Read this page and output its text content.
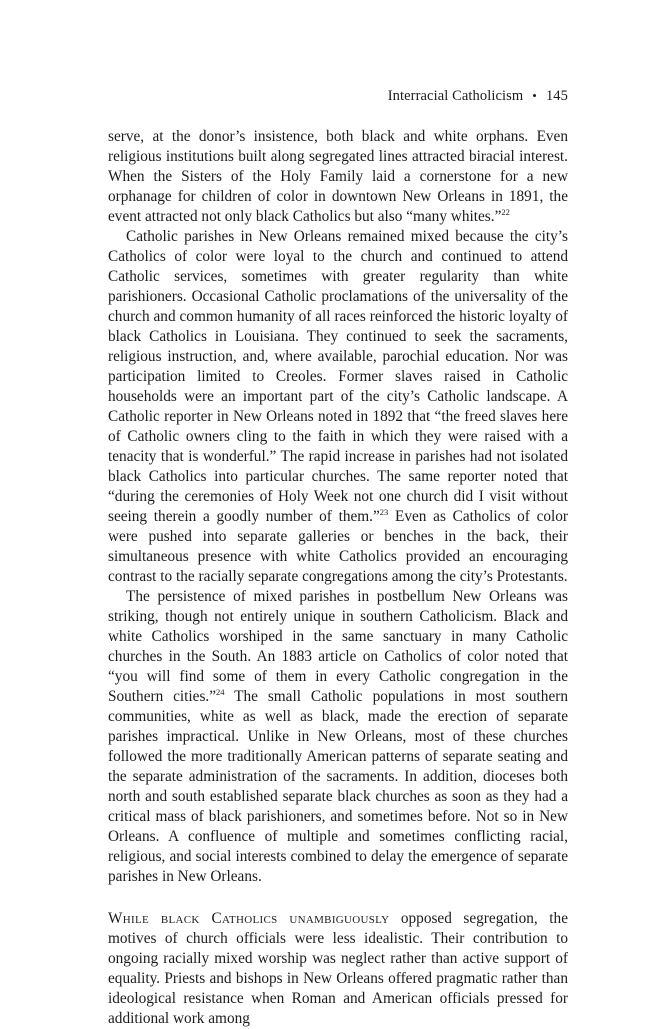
Interracial Catholicism • 145

serve, at the donor’s insistence, both black and white orphans. Even religious institutions built along segregated lines attracted biracial interest. When the Sisters of the Holy Family laid a cornerstone for a new orphanage for children of color in downtown New Orleans in 1891, the event attracted not only black Catholics but also “many whites.”$^{22}$

Catholic parishes in New Orleans remained mixed because the city’s Catholics of color were loyal to the church and continued to attend Catholic services, sometimes with greater regularity than white parishioners. Occasional Catholic proclamations of the universality of the church and common humanity of all races reinforced the historic loyalty of black Catholics in Louisiana. They continued to seek the sacraments, religious instruction, and, where available, parochial education. Nor was participation limited to Creoles. Former slaves raised in Catholic households were an important part of the city’s Catholic landscape. A Catholic reporter in New Orleans noted in 1892 that “the freed slaves here of Catholic owners cling to the faith in which they were raised with a tenacity that is wonderful.” The rapid increase in parishes had not isolated black Catholics into particular churches. The same reporter noted that “during the ceremonies of Holy Week not one church did I visit without seeing therein a goodly number of them.”$^{23}$ Even as Catholics of color were pushed into separate galleries or benches in the back, their simultaneous presence with white Catholics provided an encouraging contrast to the racially separate congregations among the city’s Protestants.

The persistence of mixed parishes in postbellum New Orleans was striking, though not entirely unique in southern Catholicism. Black and white Catholics worshiped in the same sanctuary in many Catholic churches in the South. An 1883 article on Catholics of color noted that “you will find some of them in every Catholic congregation in the Southern cities.”$^{24}$ The small Catholic populations in most southern communities, white as well as black, made the erection of separate parishes impractical. Unlike in New Orleans, most of these churches followed the more traditionally American patterns of separate seating and the separate administration of the sacraments. In addition, dioceses both north and south established separate black churches as soon as they had a critical mass of black parishioners, and sometimes before. Not so in New Orleans. A confluence of multiple and sometimes conflicting racial, religious, and social interests combined to delay the emergence of separate parishes in New Orleans.

While black Catholics unambiguously opposed segregation, the motives of church officials were less idealistic. Their contribution to ongoing racially mixed worship was neglect rather than active support of equality. Priests and bishops in New Orleans offered pragmatic rather than ideological resistance when Roman and American officials pressed for additional work among
